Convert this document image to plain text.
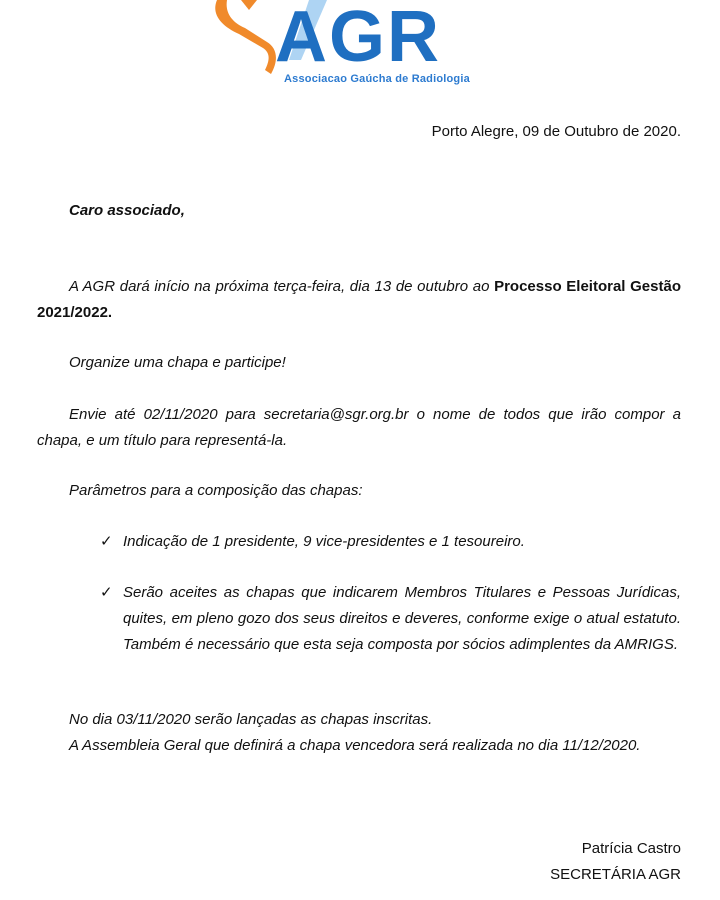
AGR
Associacao Gaúcha de Radiologia
Porto Alegre, 09 de Outubro de 2020.
Caro associado,
A AGR dará início na próxima terça-feira, dia 13 de outubro ao Processo Eleitoral Gestão 2021/2022.
Organize uma chapa e participe!
Envie até 02/11/2020 para secretaria@sgr.org.br o nome de todos que irão compor a chapa, e um título para representá-la.
Parâmetros para a composição das chapas:
✓ Indicação de 1 presidente, 9 vice-presidentes e 1 tesoureiro.
✓ Serão aceites as chapas que indicarem Membros Titulares e Pessoas Jurídicas, quites, em pleno gozo dos seus direitos e deveres, conforme exige o atual estatuto. Também é necessário que esta seja composta por sócios adimplentes da AMRIGS.
No dia 03/11/2020 serão lançadas as chapas inscritas.
A Assembleia Geral que definirá a chapa vencedora será realizada no dia 11/12/2020.
Patrícia Castro
SECRETÁRIA AGR
